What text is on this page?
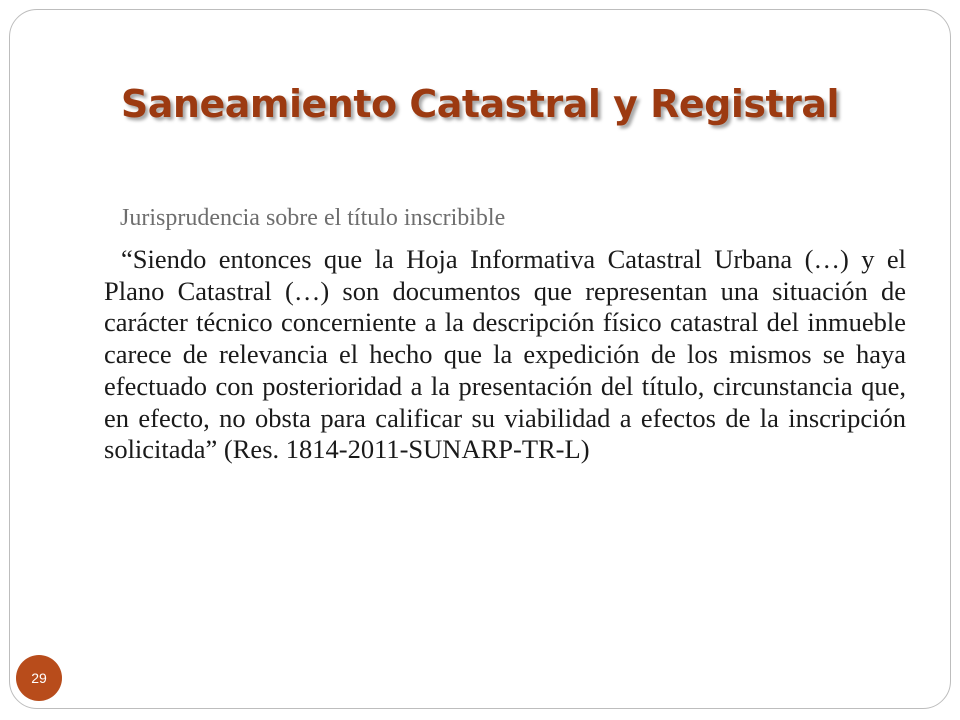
Saneamiento Catastral y Registral

Jurisprudencia sobre el título inscribible

“Siendo entonces que la Hoja Informativa Catastral Urbana (…) y el Plano Catastral (…) son documentos que representan una situación de carácter técnico concerniente a la descripción físico catastral del inmueble carece de relevancia el hecho que la expedición de los mismos se haya efectuado con posterioridad a la presentación del título, circunstancia que, en efecto, no obsta para calificar su viabilidad a efectos de la inscripción solicitada” (Res. 1814-2011-SUNARP-TR-L)

29
